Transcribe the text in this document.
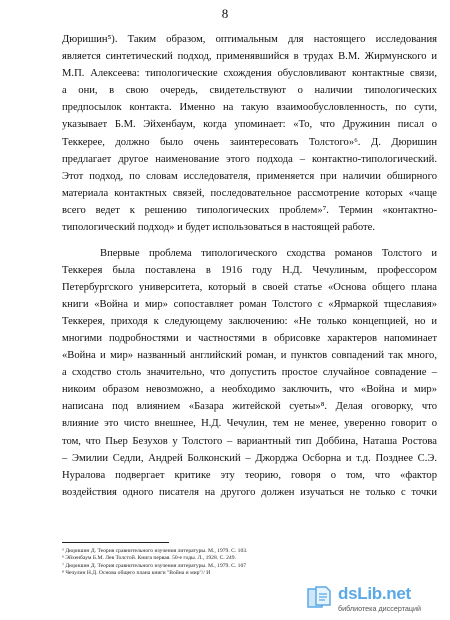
8
Дюришин⁵). Таким образом, оптимальным для настоящего исследования
является синтетический подход, применявшийся в трудах В.М. Жирмунского и
М.П. Алексеева: типологические схождения обусловливают контактные связи,
а они, в свою очередь, свидетельствуют о наличии типологических
предпосылок контакта. Именно на такую взаимообусловленность, по сути,
указывает Б.М. Эйхенбаум, когда упоминает: «То, что Дружинин писал о
Теккерее, должно было очень заинтересовать Толстого»⁶. Д. Дюришин
предлагает другое наименование этого подхода – контактно-типологический.
Этот подход, по словам исследователя, применяется при наличии обширного
материала контактных связей, последовательное рассмотрение которых «чаще
всего ведет к решению типологических проблем»⁷. Термин «контактно-
типологический подход» и будет использоваться в настоящей работе.
Впервые проблема типологического сходства романов Толстого и
Теккерея была поставлена в 1916 году Н.Д. Чечулиным, профессором
Петербургского университета, который в своей статье «Основа общего плана
книги «Война и мир» сопоставляет роман Толстого с «Ярмаркой тщеславия»
Теккерея, приходя к следующему заключению: «Не только концепцией, но и
многими подробностями и частностями в обрисовке характеров напоминает
«Война и мир» названный английский роман, и пунктов совпадений так много,
а сходство столь значительно, что допустить простое случайное совпадение –
никоим образом невозможно, а необходимо заключить, что «Война и мир»
написана под влиянием «Базара житейской суеты»⁸. Делая оговорку, что
влияние это чисто внешнее, Н.Д. Чечулин, тем не менее, уверенно говорит о
том, что Пьер Безухов у Толстого – вариантный тип Доббина, Наташа Ростова
– Эмилии Седли, Андрей Болконский – Джорджа Осборна и т.д. Позднее С.Э.
Нуралова подвергает критике эту теорию, говоря о том, что «фактор
воздействия одного писателя на другого должен изучаться не только с точки
⁵ Дюришин Д. Теория сравнительного изучения литературы. М., 1979. С. 103.
⁶ Эйхенбаум Б.М. Лев Толстой. Книга первая. 50-е годы. Л., 1928. С. 249.
⁷ Дюришин Д. Теория сравнительного изучения литературы. М., 1979. С. 107
⁸ Чечулин Н.Д. Основа общего плана книги "Война и мир"// И
dsLib.net
библиотека диссертаций
